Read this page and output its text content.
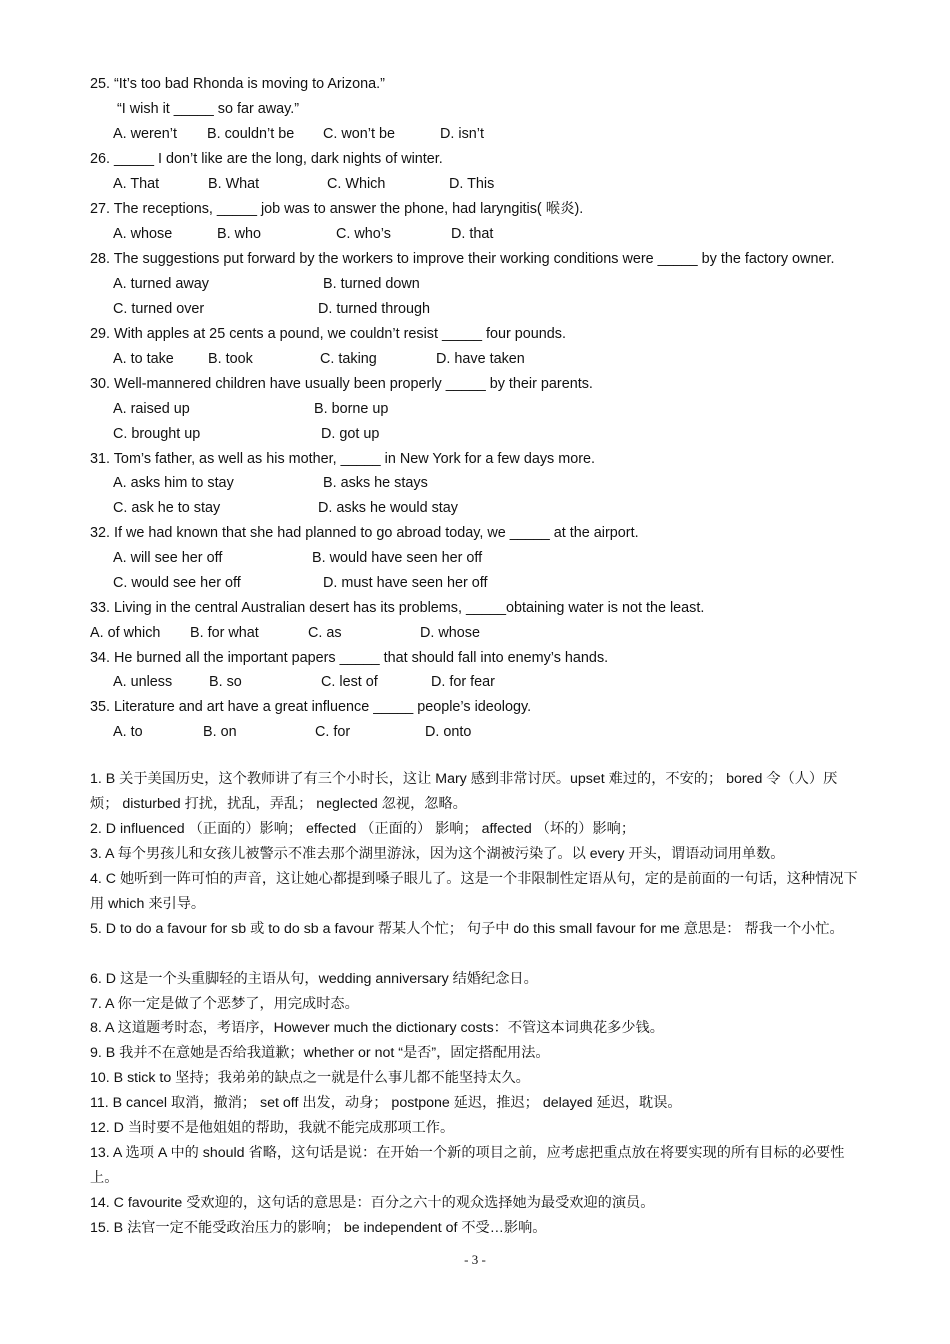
25. “It’s too bad Rhonda is moving to Arizona.”
“I wish it _____ so far away.”
A. weren’t B. couldn’t be C. won’t be	D. isn’t
26. _____ I don’t like are the long, dark nights of winter.
A. That	B. What	C. Which	D. This
27. The receptions, _____ job was to answer the phone, had laryngitis( 喉炎).
A. whose	B. who	C. who’s	D. that
28. The suggestions put forward by the workers to improve their working conditions were _____ by the factory owner.
A. turned away	B. turned down
C. turned over	D. turned through
29. With apples at 25 cents a pound, we couldn’t resist _____ four pounds.
A. to take B. took	C. taking	D. have taken
30. Well-mannered children have usually been properly _____ by their parents.
A. raised up	B. borne up
C. brought up	D. got up
31. Tom’s father, as well as his mother, _____ in New York for a few days more.
A. asks him to stay	B. asks he stays
C. ask he to stay	D. asks he would stay
32. If we had known that she had planned to go abroad today, we _____ at the airport.
A. will see her off	B. would have seen her off
C. would see her off	D. must have seen her off
33. Living in the central Australian desert has its problems, _____obtaining water is not the least.
A. of which B. for what	C. as	D. whose
34. He burned all the important papers _____ that should fall into enemy’s hands.
A. unless	B. so	C. lest of	D. for fear
35. Literature and art have a great influence _____ people’s ideology.
A. to	B. on	C. for	D. onto
1. B 关于美国历史，这个教师讲了有三个小时长，这让 Mary 感到非常讨厌。upset 难过的，不安的； bored 令（人）厌烦； disturbed 打扰，扰乱，弄乱； neglected 忽视，忽略。
2. D influenced （正面的）影响； effected （正面的） 影响； affected （坏的）影响；
3. A 每个男孩儿和女孩儿被警示不准去那个湖里游泳，因为这个湖被污染了。以 every 开头，谓语动词用单数。
4. C 她听到一阵可怕的声音，这让她心都提到嗓子眼儿了。这是一个非限制性定语从句，定的是前面的一句话，这种情况下用 which 来引导。
5. D to do a favour for sb 或 to do sb a favour 帮某人个忙； 句子中 do this small favour for me 意思是： 帮我一个小忙。
6. D 这是一个头重脚轻的主语从句，wedding anniversary 结婚纪念日。
7. A 你一定是做了个恶梦了，用完成时态。
8. A 这道题考时态，考语序，However much the dictionary costs：不管这本词典花多少钱。
9. B 我并不在意她是否给我道歉；whether or not “是否”，固定搭配用法。
10. B stick to 坚持；我弟弟的缺点之一就是什么事儿都不能坚持太久。
11. B cancel 取消，撤消； set off 出发，动身； postpone 延迟，推迟； delayed 延迟，耽误。
12. D 当时要不是他姐姐的帮助，我就不能完成那项工作。
13. A 选项 A 中的 should 省略，这句话是说：在开始一个新的项目之前，应考虑把重点放在将要实现的所有目标的必要性上。
14. C favourite 受欢迎的，这句话的意思是：百分之六十的观众选择她为最受欢迎的演员。
15. B 法官一定不能受政治压力的影响； be independent of 不受…影响。
- 3 -
